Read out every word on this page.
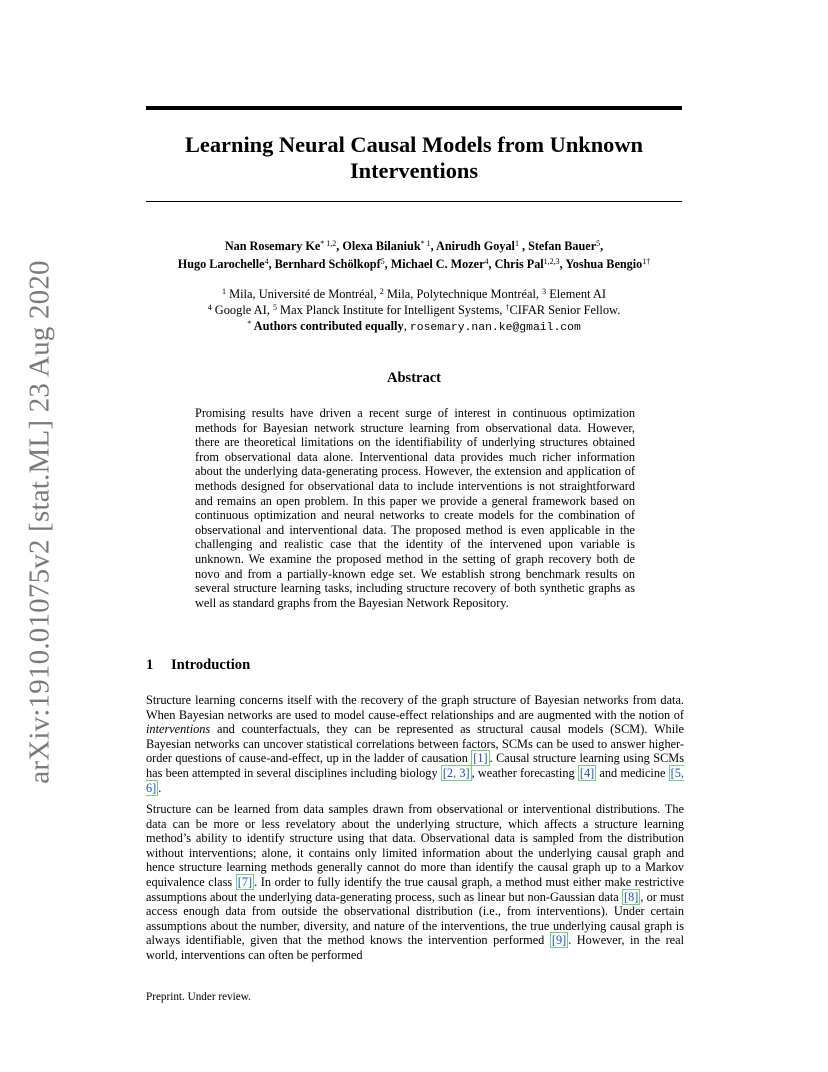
arXiv:1910.01075v2 [stat.ML] 23 Aug 2020
Learning Neural Causal Models from Unknown Interventions
Nan Rosemary Ke$^{* 1,2}$, Olexa Bilaniuk$^{* 1}$, Anirudh Goyal$^1$ , Stefan Bauer$^5$,
Hugo Larochelle$^4$, Bernhard Schölkopf$^5$, Michael C. Mozer$^4$, Chris Pal$^{1,2,3}$, Yoshua Bengio$^{1\dagger}$
$^1$ Mila, Université de Montréal, $^2$ Mila, Polytechnique Montréal, $^3$ Element AI
$^4$ Google AI, $^5$ Max Planck Institute for Intelligent Systems, †CIFAR Senior Fellow.
* Authors contributed equally, rosemary.nan.ke@gmail.com
Abstract

Promising results have driven a recent surge of interest in continuous optimization methods for Bayesian network structure learning from observational data. However, there are theoretical limitations on the identifiability of underlying structures obtained from observational data alone. Interventional data provides much richer information about the underlying data-generating process. However, the extension and application of methods designed for observational data to include interventions is not straightforward and remains an open problem. In this paper we provide a general framework based on continuous optimization and neural networks to create models for the combination of observational and interventional data. The proposed method is even applicable in the challenging and realistic case that the identity of the intervened upon variable is unknown. We examine the proposed method in the setting of graph recovery both de novo and from a partially-known edge set. We establish strong benchmark results on several structure learning tasks, including structure recovery of both synthetic graphs as well as standard graphs from the Bayesian Network Repository.

1 Introduction

Structure learning concerns itself with the recovery of the graph structure of Bayesian networks from data. When Bayesian networks are used to model cause-effect relationships and are augmented with the notion of interventions and counterfactuals, they can be represented as structural causal models (SCM). While Bayesian networks can uncover statistical correlations between factors, SCMs can be used to answer higher-order questions of cause-and-effect, up in the ladder of causation [1] . Causal structure learning using SCMs has been attempted in several disciplines including biology [2, 3] , weather forecasting [4] and medicine [5, 6] .

Structure can be learned from data samples drawn from observational or interventional distributions. The data can be more or less revelatory about the underlying structure, which affects a structure learning method’s ability to identify structure using that data. Observational data is sampled from the distribution without interventions; alone, it contains only limited information about the underlying causal graph and hence structure learning methods generally cannot do more than identify the causal graph up to a Markov equivalence class [7] . In order to fully identify the true causal graph, a method must either make restrictive assumptions about the underlying data-generating process, such as linear but non-Gaussian data [8] , or must access enough data from outside the observational distribution (i.e., from interventions). Under certain assumptions about the number, diversity, and nature of the interventions, the true underlying causal graph is always identifiable, given that the method knows the intervention performed [9] . However, in the real world, interventions can often be performed

Preprint. Under review.
